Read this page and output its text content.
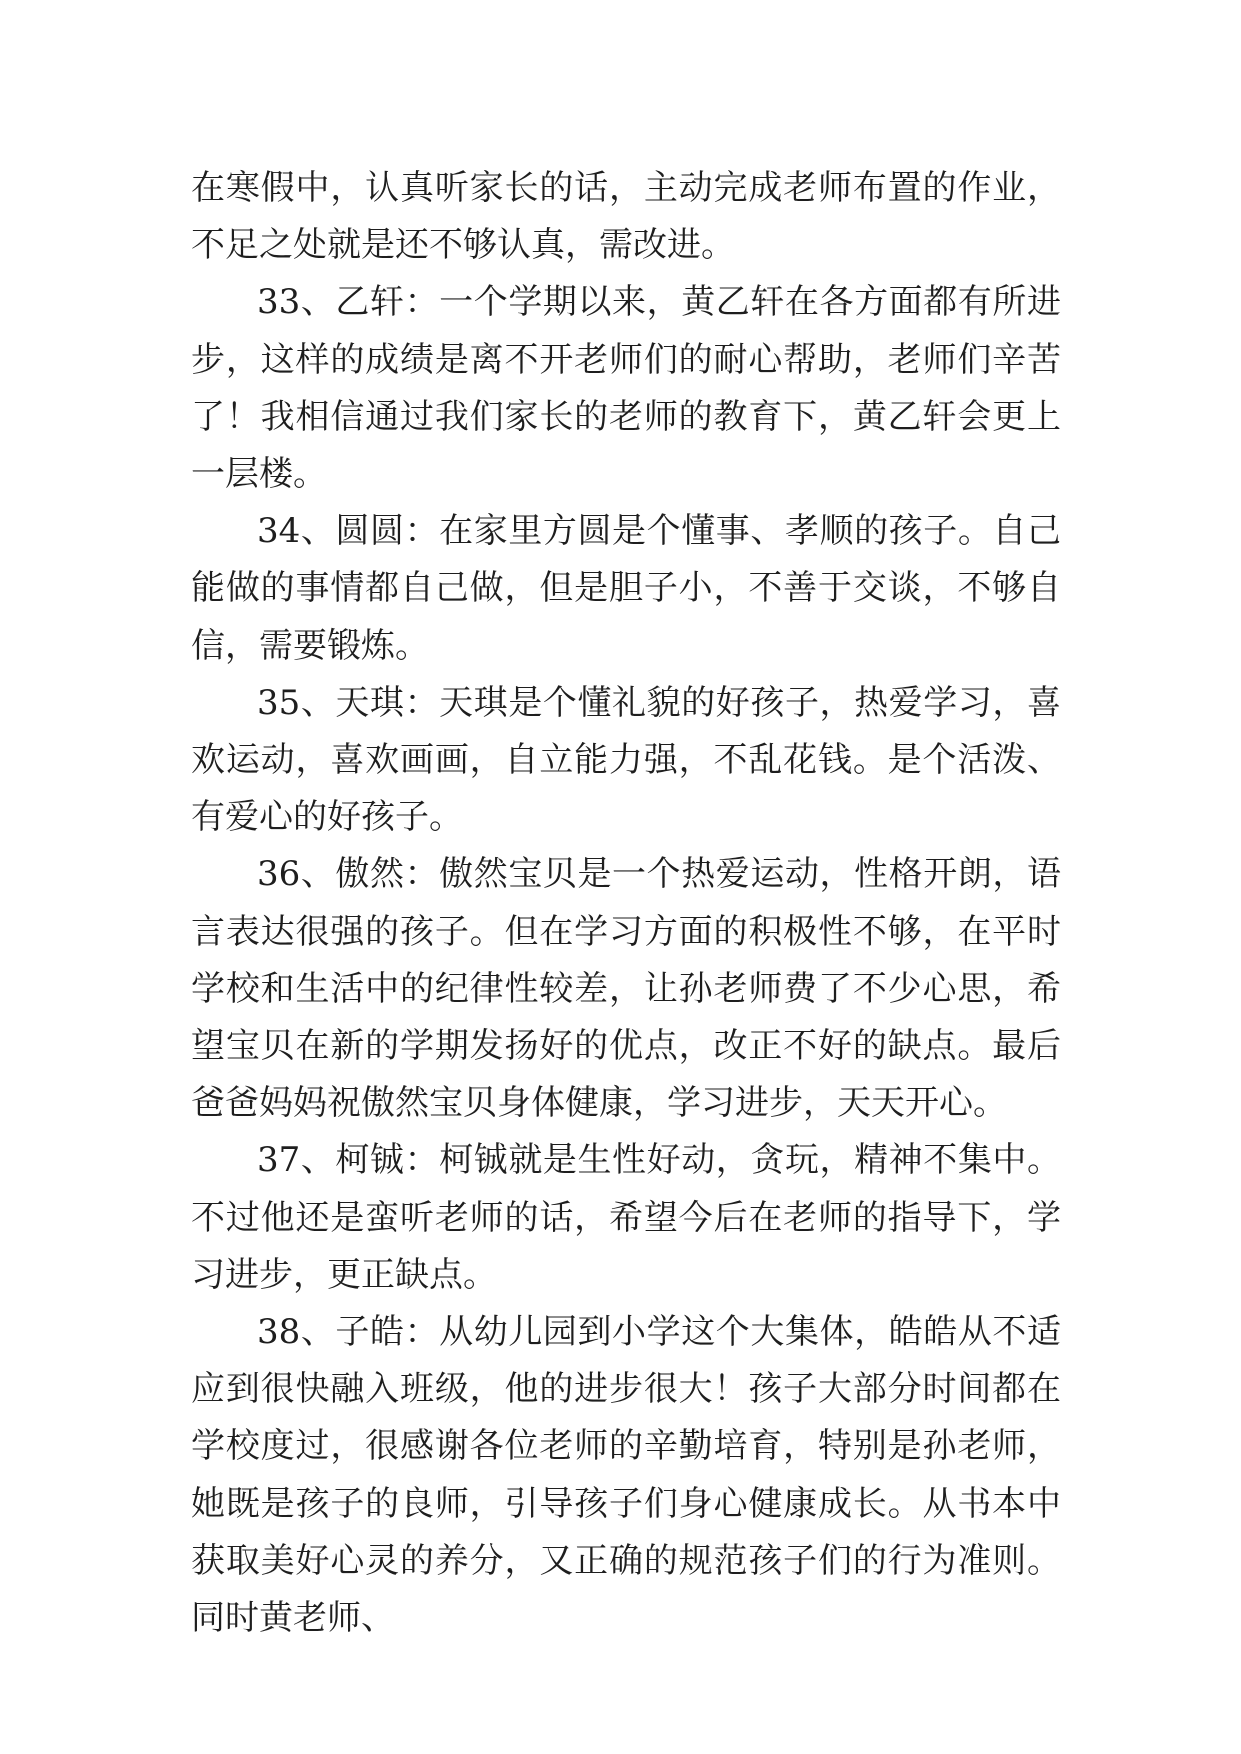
在寒假中，认真听家长的话，主动完成老师布置的作业，不足之处就是还不够认真，需改进。

33、乙轩：一个学期以来，黄乙轩在各方面都有所进步，这样的成绩是离不开老师们的耐心帮助，老师们辛苦了！我相信通过我们家长的老师的教育下，黄乙轩会更上一层楼。

34、圆圆：在家里方圆是个懂事、孝顺的孩子。自己能做的事情都自己做，但是胆子小，不善于交谈，不够自信，需要锻炼。

35、天琪：天琪是个懂礼貌的好孩子，热爱学习，喜欢运动，喜欢画画，自立能力强，不乱花钱。是个活泼、有爱心的好孩子。

36、傲然：傲然宝贝是一个热爱运动，性格开朗，语言表达很强的孩子。但在学习方面的积极性不够，在平时学校和生活中的纪律性较差，让孙老师费了不少心思，希望宝贝在新的学期发扬好的优点，改正不好的缺点。最后爸爸妈妈祝傲然宝贝身体健康，学习进步，天天开心。

37、柯铖：柯铖就是生性好动，贪玩，精神不集中。不过他还是蛮听老师的话，希望今后在老师的指导下，学习进步，更正缺点。

38、子皓：从幼儿园到小学这个大集体，皓皓从不适应到很快融入班级，他的进步很大！孩子大部分时间都在学校度过，很感谢各位老师的辛勤培育，特别是孙老师，她既是孩子的良师，引导孩子们身心健康成长。从书本中获取美好心灵的养分，又正确的规范孩子们的行为准则。同时黄老师、
